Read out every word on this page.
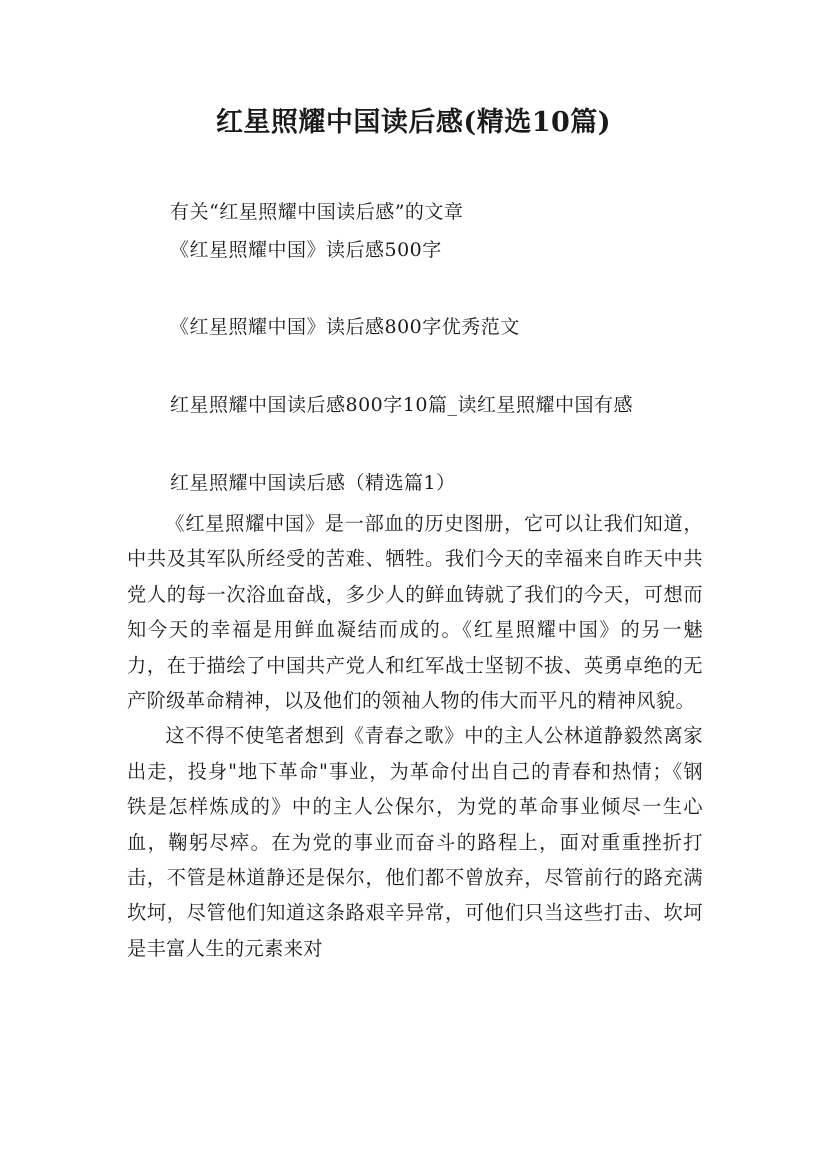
红星照耀中国读后感(精选10篇)
有关“红星照耀中国读后感”的文章
《红星照耀中国》读后感500字
《红星照耀中国》读后感800字优秀范文
红星照耀中国读后感800字10篇_读红星照耀中国有感
红星照耀中国读后感（精选篇1）

《红星照耀中国》是一部血的历史图册，它可以让我们知道，中共及其军队所经受的苦难、牺牲。我们今天的幸福来自昨天中共党人的每一次浴血奋战，多少人的鲜血铸就了我们的今天，可想而知今天的幸福是用鲜血凝结而成的。《红星照耀中国》的另一魅力，在于描绘了中国共产党人和红军战士坚韧不拔、英勇卓绝的无产阶级革命精神，以及他们的领袖人物的伟大而平凡的精神风貌。

这不得不使笔者想到《青春之歌》中的主人公林道静毅然离家出走，投身"地下革命"事业，为革命付出自己的青春和热情；《钢铁是怎样炼成的》中的主人公保尔，为党的革命事业倾尽一生心血，鞠躬尽瘁。在为党的事业而奋斗的路程上，面对重重挫折打击，不管是林道静还是保尔，他们都不曾放弃，尽管前行的路充满坎坷，尽管他们知道这条路艰辛异常，可他们只当这些打击、坎坷是丰富人生的元素来对
